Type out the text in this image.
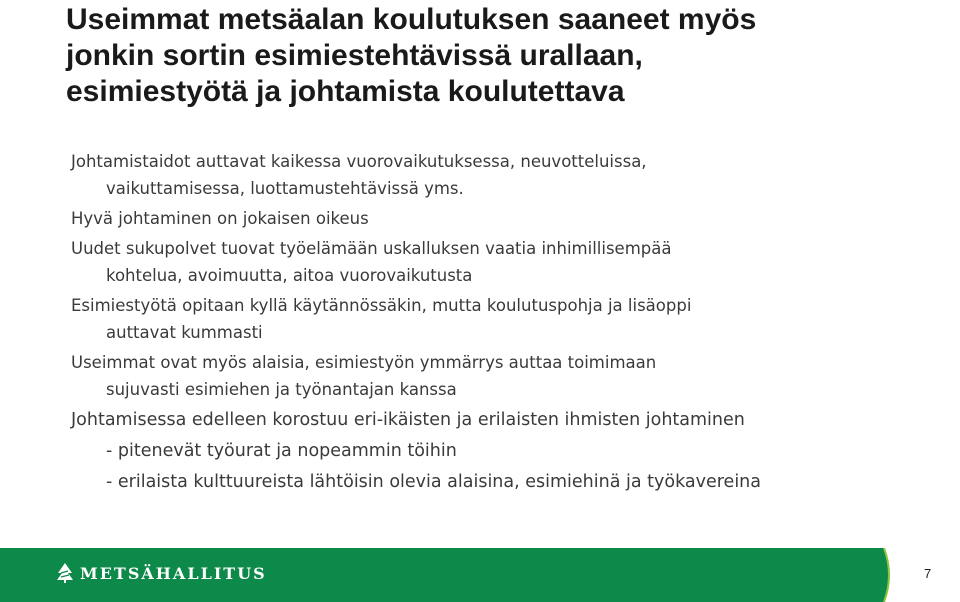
Useimmat metsäalan koulutuksen saaneet myös
jonkin sortin esimiestehtävissä urallaan,
esimiestyötä ja johtamista koulutettava

Johtamistaidot auttavat kaikessa vuorovaikutuksessa, neuvotteluissa,
vaikuttamisessa, luottamustehtävissä yms.

Hyvä johtaminen on jokaisen oikeus

Uudet sukupolvet tuovat työelämään uskalluksen vaatia inhimillisempää
kohtelua, avoimuutta, aitoa vuorovaikutusta

Esimiestyötä opitaan kyllä käytännössäkin, mutta koulutuspohja ja lisäoppi
auttavat kummasti

Useimmat ovat myös alaisia, esimiestyön ymmärrys auttaa toimimaan
sujuvasti esimiehen ja työnantajan kanssa

Johtamisessa edelleen korostuu eri-ikäisten ja erilaisten ihmisten johtaminen

- pitenevät työurat ja nopeammin töihin

- erilaista kulttuureista lähtöisin olevia alaisina, esimiehinä ja työkavereina

METSÄHALLITUS	7
